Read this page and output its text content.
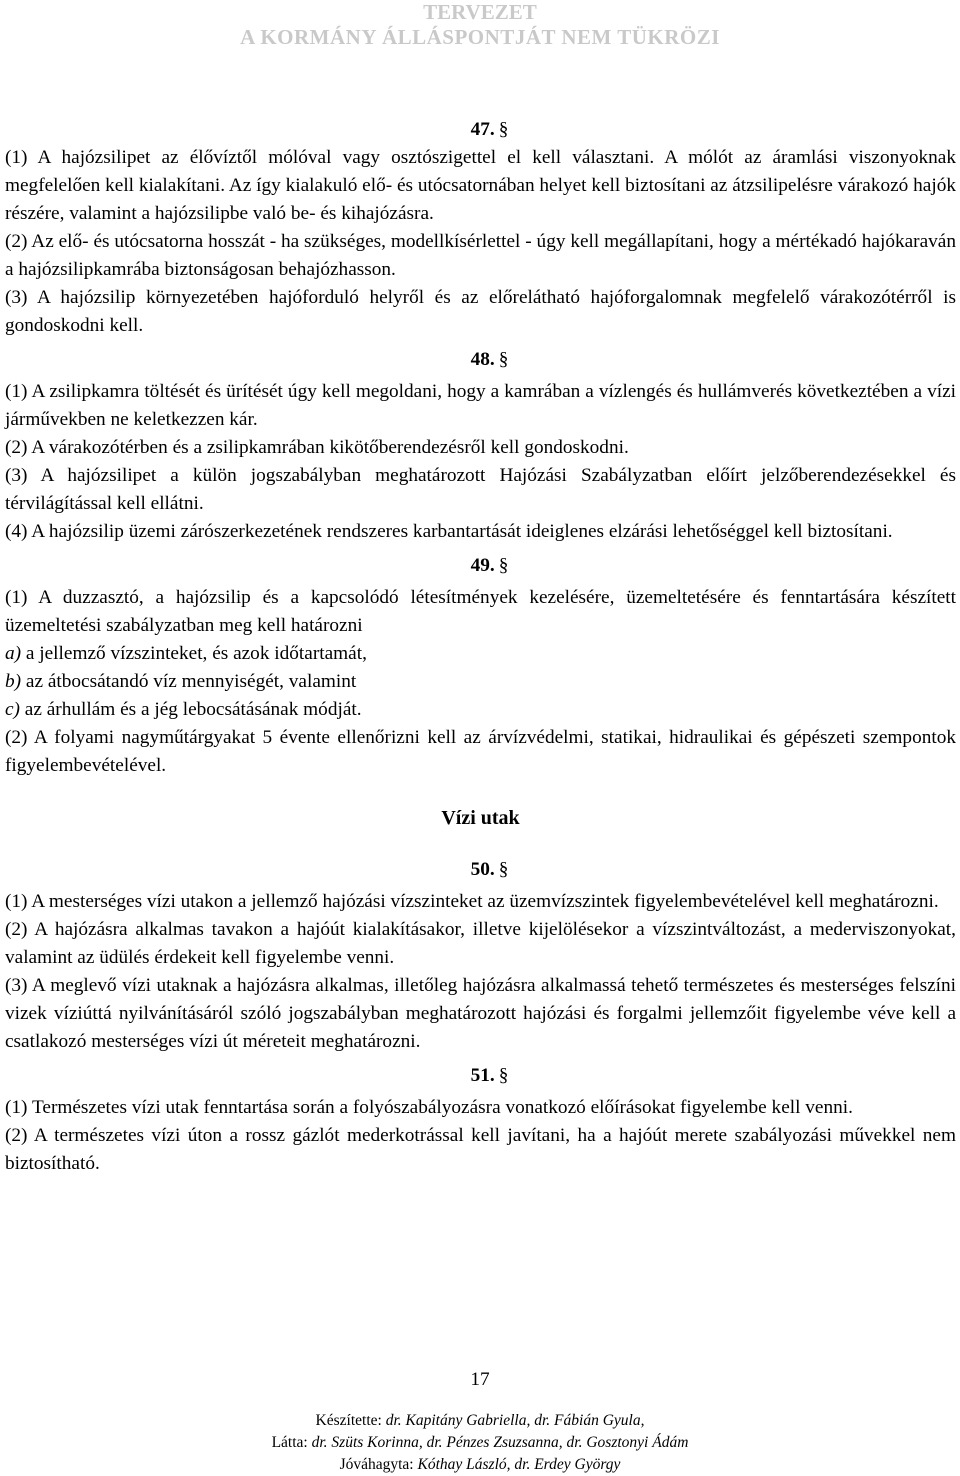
TERVEZET
A KORMÁNY ÁLLÁSPONTJÁT NEM TÜKRÖZI
47. §

(1) A hajózsilipet az élővíztől mólóval vagy osztószigettel el kell választani. A mólót az áramlási viszonyoknak megfelelően kell kialakítani. Az így kialakuló elő- és utócsatornában helyet kell biztosítani az átzsilipelésre várakozó hajók részére, valamint a hajózsilipbe való be- és kihajózásra.

(2) Az elő- és utócsatorna hosszát - ha szükséges, modellkísérlettel - úgy kell megállapítani, hogy a mértékadó hajókaraván a hajózsilipkamrába biztonságosan behajózhasson.

(3) A hajózsilip környezetében hajóforduló helyről és az előrelátható hajóforgalomnak megfelelő várakozótérről is gondoskodni kell.

48. §

(1) A zsilipkamra töltését és ürítését úgy kell megoldani, hogy a kamrában a vízlengés és hullámverés következtében a vízi járművekben ne keletkezzen kár.

(2) A várakozótérben és a zsilipkamrában kikötőberendezésről kell gondoskodni.

(3) A hajózsilipet a külön jogszabályban meghatározott Hajózási Szabályzatban előírt jelzőberendezésekkel és térvilágítással kell ellátni.

(4) A hajózsilip üzemi zárószerkezetének rendszeres karbantartását ideiglenes elzárási lehetőséggel kell biztosítani.

49. §

(1) A duzzasztó, a hajózsilip és a kapcsolódó létesítmények kezelésére, üzemeltetésére és fenntartására készített üzemeltetési szabályzatban meg kell határozni

a) a jellemző vízszinteket, és azok időtartamát,

b) az átbocsátandó víz mennyiségét, valamint

c) az árhullám és a jég lebocsátásának módját.

(2) A folyami nagyműtárgyakat 5 évente ellenőrizni kell az árvízvédelmi, statikai, hidraulikai és gépészeti szempontok figyelembevételével.

Vízi utak
50. §

(1) A mesterséges vízi utakon a jellemző hajózási vízszinteket az üzemvízszintek figyelembevételével kell meghatározni.

(2) A hajózásra alkalmas tavakon a hajóút kialakításakor, illetve kijelölésekor a vízszintváltozást, a mederviszonyokat, valamint az üdülés érdekeit kell figyelembe venni.

(3) A meglevő vízi utaknak a hajózásra alkalmas, illetőleg hajózásra alkalmassá tehető természetes és mesterséges felszíni vizek víziúttá nyilvánításáról szóló jogszabályban meghatározott hajózási és forgalmi jellemzőit figyelembe véve kell a csatlakozó mesterséges vízi út méreteit meghatározni.

51. §

(1) Természetes vízi utak fenntartása során a folyószabályozásra vonatkozó előírásokat figyelembe kell venni.

(2) A természetes vízi úton a rossz gázlót mederkotrással kell javítani, ha a hajóút merete szabályozási művekkel nem biztosítható.

17
Készítette: dr. Kapitány Gabriella, dr. Fábián Gyula,
Látta: dr. Szüts Korinna, dr. Pénzes Zsuzsanna, dr. Gosztonyi Ádám
Jóváhagyta: Kóthay László, dr. Erdey György
